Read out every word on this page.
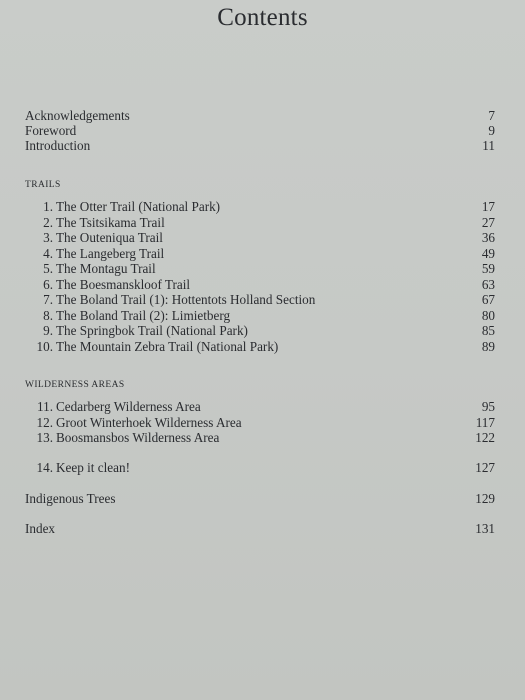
Contents
Acknowledgements	7
Foreword	9
Introduction	11
TRAILS
1. The Otter Trail (National Park)	17
2. The Tsitsikama Trail	27
3. The Outeniqua Trail	36
4. The Langeberg Trail	49
5. The Montagu Trail	59
6. The Boesmanskloof Trail	63
7. The Boland Trail (1): Hottentots Holland Section	67
8. The Boland Trail (2): Limietberg	80
9. The Springbok Trail (National Park)	85
10. The Mountain Zebra Trail (National Park)	89
WILDERNESS AREAS
11. Cedarberg Wilderness Area	95
12. Groot Winterhoek Wilderness Area	117
13. Boosmansbos Wilderness Area	122
14. Keep it clean!	127
Indigenous Trees	129
Index	131
